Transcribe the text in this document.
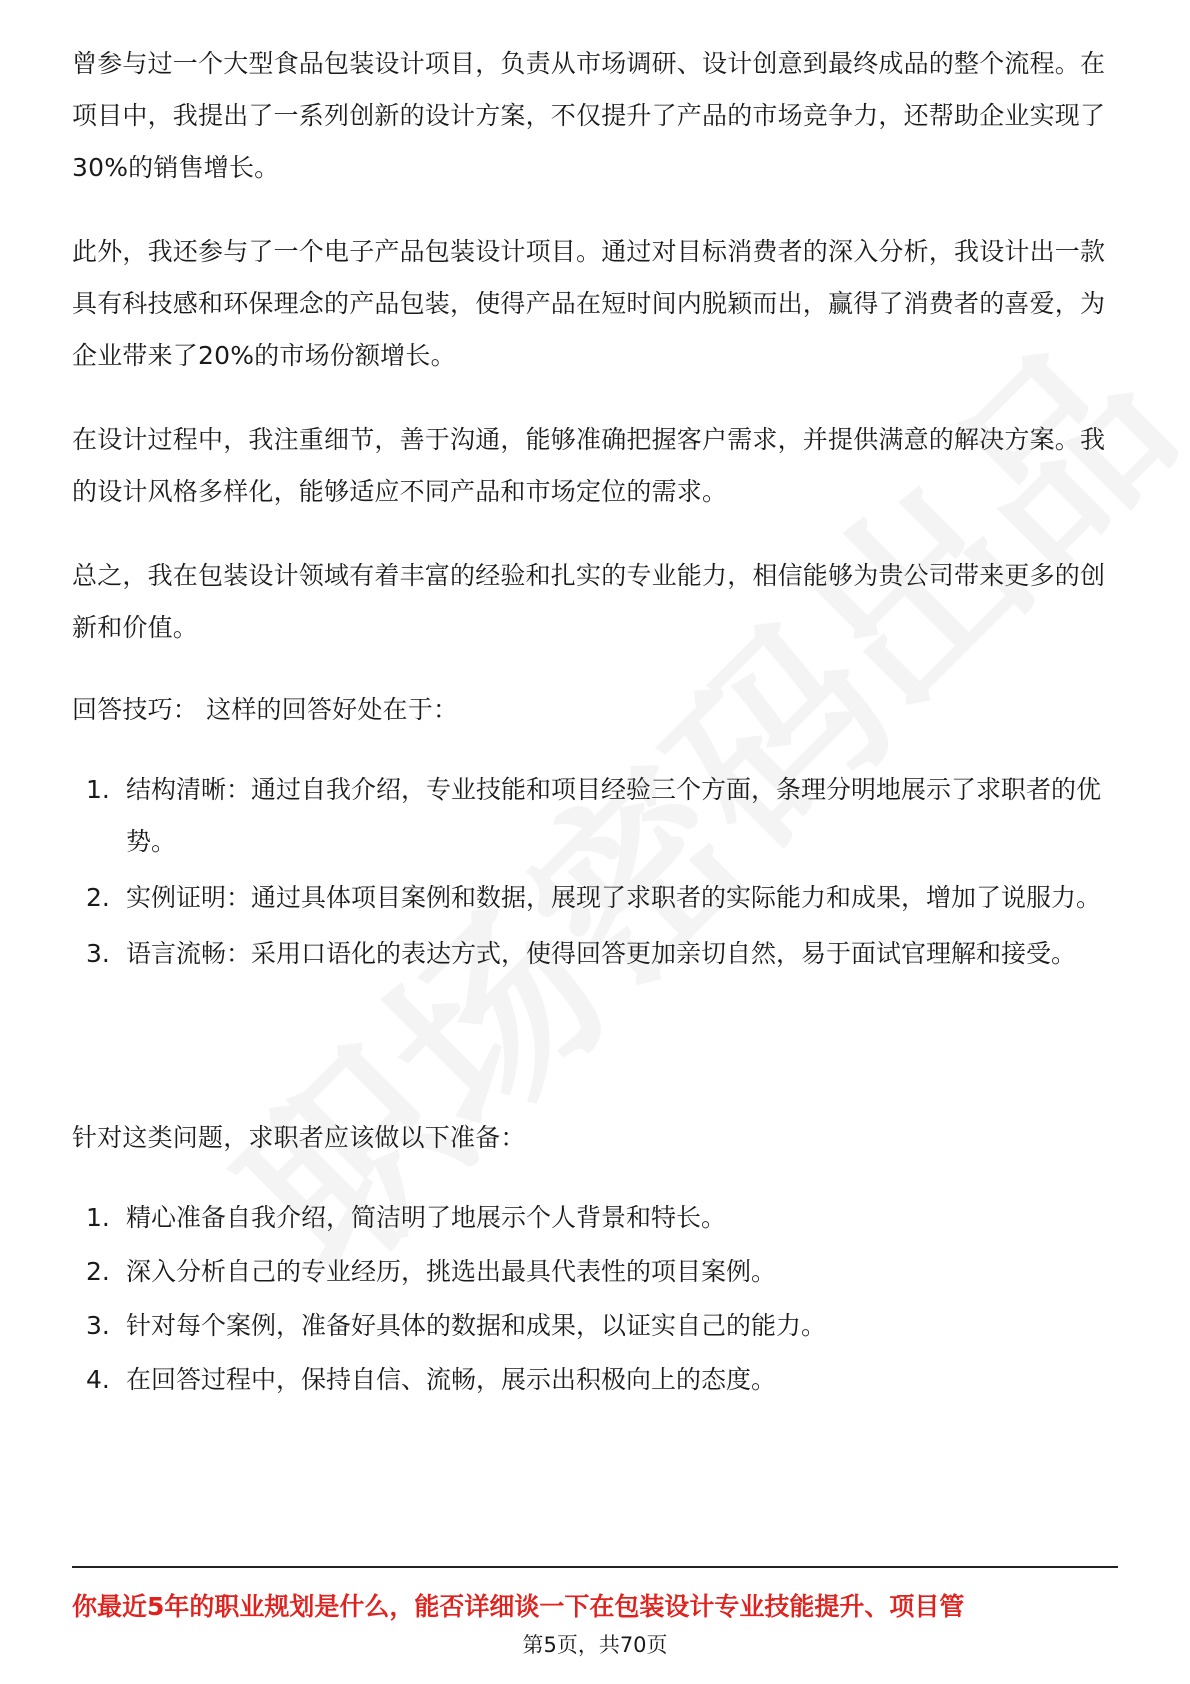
曾参与过一个大型食品包装设计项目，负责从市场调研、设计创意到最终成品的整个流程。在项目中，我提出了一系列创新的设计方案，不仅提升了产品的市场竞争力，还帮助企业实现了30%的销售增长。

此外，我还参与了一个电子产品包装设计项目。通过对目标消费者的深入分析，我设计出一款具有科技感和环保理念的产品包装，使得产品在短时间内脱颖而出，赢得了消费者的喜爱，为企业带来了20%的市场份额增长。

在设计过程中，我注重细节，善于沟通，能够准确把握客户需求，并提供满意的解决方案。我的设计风格多样化，能够适应不同产品和市场定位的需求。

总之，我在包装设计领域有着丰富的经验和扎实的专业能力，相信能够为贵公司带来更多的创新和价值。

回答技巧： 这样的回答好处在于：

1. 结构清晰：通过自我介绍，专业技能和项目经验三个方面，条理分明地展示了求职者的优势。
2. 实例证明：通过具体项目案例和数据，展现了求职者的实际能力和成果，增加了说服力。
3. 语言流畅：采用口语化的表达方式，使得回答更加亲切自然，易于面试官理解和接受。

针对这类问题，求职者应该做以下准备：

1. 精心准备自我介绍，简洁明了地展示个人背景和特长。
2. 深入分析自己的专业经历，挑选出最具代表性的项目案例。
3. 针对每个案例，准备好具体的数据和成果，以证实自己的能力。
4. 在回答过程中，保持自信、流畅，展示出积极向上的态度。

你最近5年的职业规划是什么，能否详细谈一下在包装设计专业技能提升、项目管

第5页，共70页
